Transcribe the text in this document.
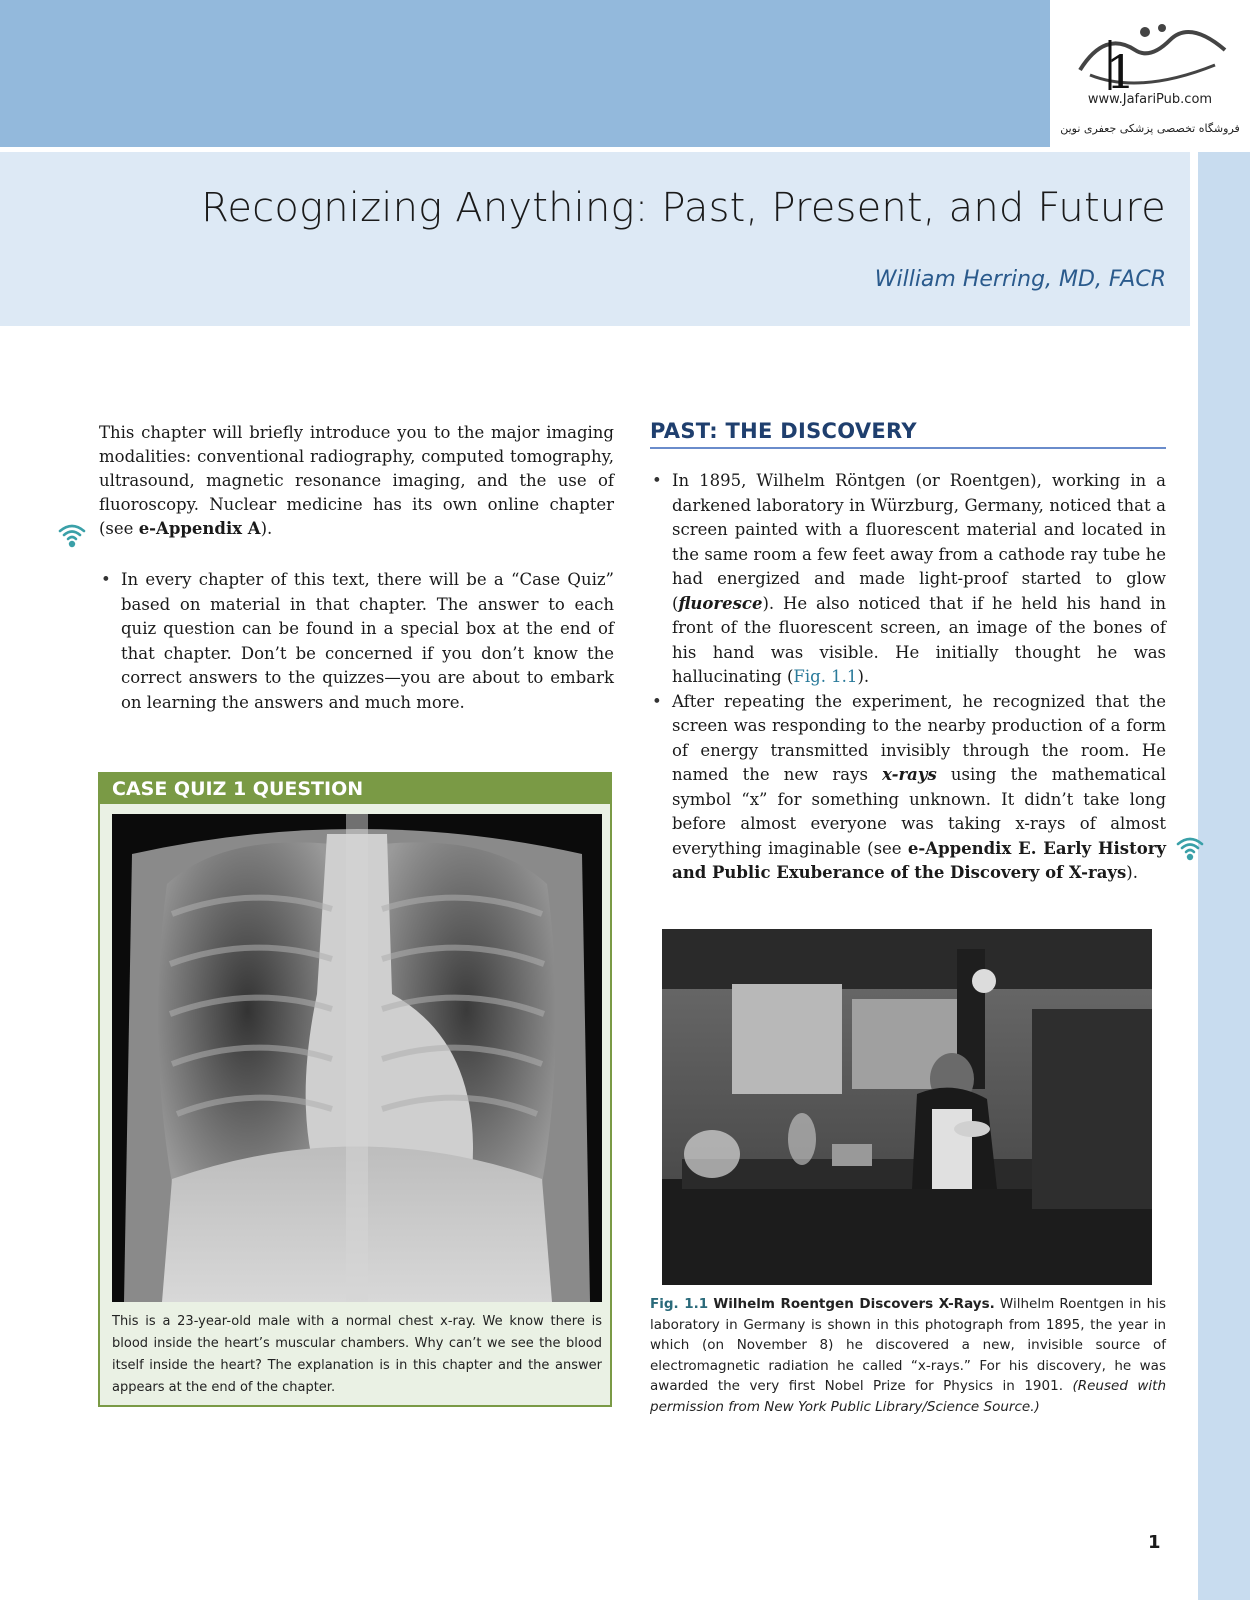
1
www.JafariPub.com
فروشگاه تخصصی پزشکی جعفری نوین
Recognizing Anything: Past, Present, and Future
William Herring, MD, FACR

This chapter will briefly introduce you to the major imaging modalities: conventional radiography, computed tomography, ultrasound, magnetic resonance imaging, and the use of fluoroscopy. Nuclear medicine has its own online chapter (see e-Appendix A).

• In every chapter of this text, there will be a “Case Quiz” based on material in that chapter. The answer to each quiz question can be found in a special box at the end of that chapter. Don’t be concerned if you don’t know the correct answers to the quizzes—you are about to embark on learning the answers and much more.
PAST: THE DISCOVERY
• In 1895, Wilhelm Röntgen (or Roentgen), working in a darkened laboratory in Würzburg, Germany, noticed that a screen painted with a fluorescent material and located in the same room a few feet away from a cathode ray tube he had energized and made light-proof started to glow (fluoresce). He also noticed that if he held his hand in front of the fluorescent screen, an image of the bones of his hand was visible. He initially thought he was hallucinating (Fig. 1.1).
• After repeating the experiment, he recognized that the screen was responding to the nearby production of a form of energy transmitted invisibly through the room. He named the new rays x-rays using the mathematical symbol “x” for something unknown. It didn’t take long before almost everyone was taking x-rays of almost everything imaginable (see e-Appendix E. Early History and Public Exuberance of the Discovery of X-rays).
CASE QUIZ 1 QUESTION
This is a 23-year-old male with a normal chest x-ray. We know there is blood inside the heart’s muscular chambers. Why can’t we see the blood itself inside the heart? The explanation is in this chapter and the answer appears at the end of the chapter.
Fig. 1.1 Wilhelm Roentgen Discovers X-Rays. Wilhelm Roentgen in his laboratory in Germany is shown in this photograph from 1895, the year in which (on November 8) he discovered a new, invisible source of electromagnetic radiation he called “x-rays.” For his discovery, he was awarded the very first Nobel Prize for Physics in 1901. (Reused with permission from New York Public Library/Science Source.)
1
